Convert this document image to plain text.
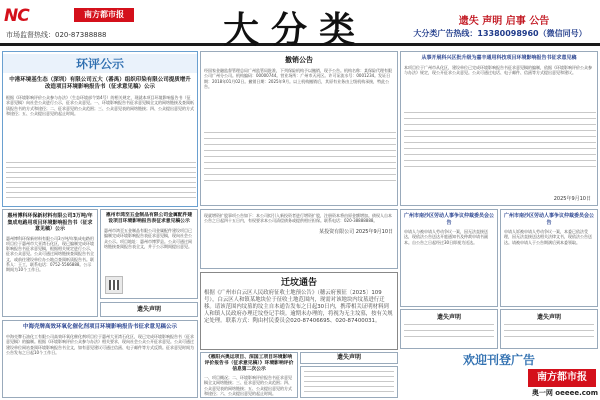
NC	南方都市报
市场监督热线：020-87388888	大分类	遗失 声明 启事 公告
大分类广告热线：13380098960（微信同号）
环评公示
中港环境基生态（深圳）有限公司五大（番禺）组织印染有限公司提质增升改造项目环境影响报告书（征求意见稿）公示
根据《环境影响评价公众参与办法》（生态环境部令第4号）的相关规定，现就本项目环境影响报告书（征求意见稿）向社会公众进行公示，征求公众意见。一、环境影响报告书征求意见稿全文的网络链接及查阅纸质报告书的方式和途径；二、征求意见的公众范围；三、公众意见表的网络链接；四、公众提出意见的方式和途径；五、公众提出意见的起止时间。
惠州博科环保新材料有限公司3万吨/年集成电路用项目环境影响报告书（征求意见稿）公示
惠州博科环保新材料有限公司3万吨/年集成电路用项目位于惠州市大亚湾石化区，现已编制完成环境影响报告书征求意见稿，根据相关规定进行公示，征求公众意见。公众可通过网络链接查阅报告书全文，或前往建设单位办公地点查阅纸质报告书。联系人：王工，联系电话：0752-5566888。公示期间为10个工作日。
中海壳牌高效环氧化催化剂项目环境影响报告书征求意见稿公示
中海壳牌石油化工有限公司高效环氧化催化剂项目位于惠州大亚湾石化区，现已完成环境影响报告书（征求意见稿）的编制。根据《环境影响评价公众参与办法》相关要求，现向社会公众公开征求意见。公众可通过建设单位网站查阅环境影响报告书全文，如有意见建议可通过信函、电子邮件等方式反馈。征求意见时间为公告发布之日起10个工作日。
撤销公告
经国家金融监督管理总局广州监管局批准，下列保险机构予以撤销，现予公告。机构名称：某保险代理有限公司广州分公司。机构编码：00000744。营业场所：广州市天河区。许可证流水号：0001234。发证日期：2018年01月02日。撤销日期：2025年9月。以上机构撤销后，其原有业务由上级机构承接，特此公告。
惠州市鸿至五金制品有限公司金属配件建设项目环境影响报告表征求意见稿公示
惠州市鸿至五金制品有限公司金属配件建设项目已编制完成环境影响报告表征求意见稿，现向社会公众公示。项目地址：惠州市博罗县。公众可通过网络链接查阅报告表全文，并于公示期间提出意见。
遗失声明
现就增资扩股事项公告如下：本公司拟引入新投资者进行增资扩股，注册资本将由原金额增加。债权人自本公告之日起四十五日内，有权要求本公司清偿债务或提供相应担保。联系电话：020-38888888。
某投资有限公司 2025年9月10日
迁坟通告
根据《广州市白云区人民政府征收土地预公告》（穗云府预征〔2025〕109号），白云区人和镇某地块位于征收土地范围内，现需对该地块内坟墓进行迁移。请该范围内坟墓的坟主自本通告发布之日起30日内，携带相关证明材料到人和镇人民政府办理迁坟登记手续。逾期未办理的，将视为无主坟墓，按有关规定处理。联系方式：陶由村民委员会020-87406695、020-87400031。
遗失声明
《惠阳兴奥运项目、深国工项目环境影响评价报告书（征求意见稿）》环境影响评价信息第二次公示
一、项目概况；二、环境影响评价报告书征求意见稿全文网络链接；三、征求意见的公众范围；四、公众意见表的网络链接；五、公众提出意见的方式和途径；六、公众提出意见的起止时间。
从事开展科兴区批升级为嘉丰通用科技项目环境影响报告书征求意见稿
本项目位于广州市从化区，建设单位已完成环境影响报告书征求意见稿的编制，依据《环境影响评价公众参与办法》规定，现公开征求公众意见。公众可通过电话、电子邮件、信函等方式提出意见和建议。
2025年9月10日
广州市南沙区劳动人事争议仲裁委员会公告
申请人与被申请人劳动争议一案，因无法直接送达，现依法公告送达开庭通知书及仲裁申请书副本。自公告之日起经过30日即视为送达。
广州市南沙区劳动人事争议仲裁委员会公告
申请人诉被申请人劳动争议一案，本委已依法受理，因无法直接送达相关法律文书，现依法公告送达。请被申请人于公告期满后到本委领取。
遗失声明	遗失声明
欢迎刊登广告
南方都市报
奥一网 oeeee.com
